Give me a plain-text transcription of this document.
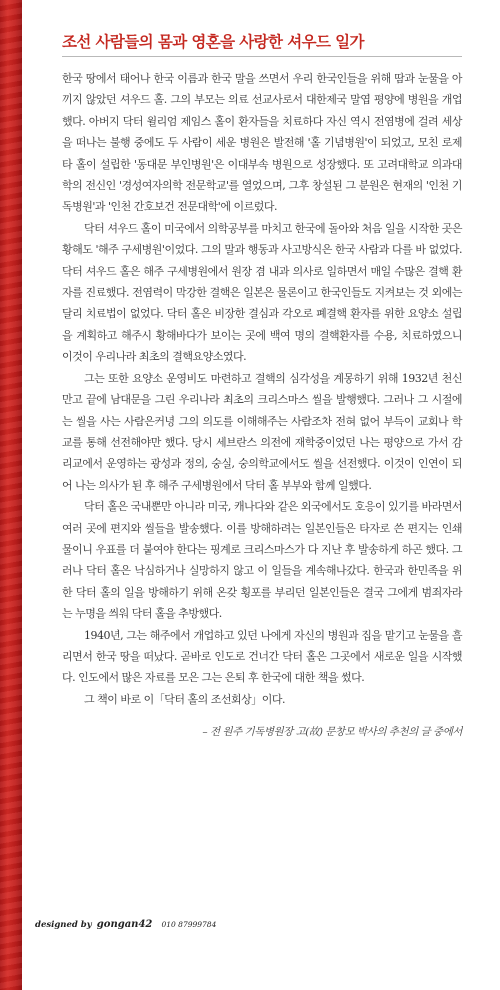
조선 사람들의 몸과 영혼을 사랑한 셔우드 일가

한국 땅에서 태어나 한국 이름과 한국 말을 쓰면서 우리 한국인들을 위해 땀과 눈물을 아끼지 않았던 셔우드 홀. 그의 부모는 의료 선교사로서 대한제국 말엽 평양에 병원을 개업했다. 아버지 닥터 윌리엄 제임스 홀이 환자들을 치료하다 자신 역시 전염병에 걸려 세상을 떠나는 불행 중에도 두 사람이 세운 병원은 발전해 '홀 기념병원'이 되었고, 모친 로제타 홀이 설립한 '동대문 부인병원'은 이대부속 병원으로 성장했다. 또 고려대학교 의과대학의 전신인 '경성여자의학 전문학교'를 열었으며, 그후 창설된 그 분원은 현재의 '인천 기독병원'과 '인천 간호보건 전문대학'에 이르렀다.

닥터 셔우드 홀이 미국에서 의학공부를 마치고 한국에 돌아와 처음 일을 시작한 곳은 황해도 '해주 구세병원'이었다. 그의 말과 행동과 사고방식은 한국 사람과 다를 바 없었다. 닥터 셔우드 홀은 해주 구세병원에서 원장 겸 내과 의사로 일하면서 매일 수많은 결핵 환자를 진료했다. 전염력이 막강한 결핵은 일본은 물론이고 한국인들도 지켜보는 것 외에는 달리 치료법이 없었다. 닥터 홀은 비장한 결심과 각오로 폐결핵 환자를 위한 요양소 설립을 계획하고 해주시 황해바다가 보이는 곳에 백여 명의 결핵환자를 수용, 치료하였으니 이것이 우리나라 최초의 결핵요양소였다.

그는 또한 요양소 운영비도 마련하고 결핵의 심각성을 계몽하기 위해 1932년 천신만고 끝에 남대문을 그린 우리나라 최초의 크리스마스 씰을 발행했다. 그러나 그 시절에는 씰을 사는 사람은커녕 그의 의도를 이해해주는 사람조차 전혀 없어 부득이 교회나 학교를 통해 선전해야만 했다. 당시 세브란스 의전에 재학중이었던 나는 평양으로 가서 감리교에서 운영하는 광성과 정의, 숭실, 숭의학교에서도 씰을 선전했다. 이것이 인연이 되어 나는 의사가 된 후 해주 구세병원에서 닥터 홀 부부와 함께 일했다.

닥터 홀은 국내뿐만 아니라 미국, 캐나다와 같은 외국에서도 호응이 있기를 바라면서 여러 곳에 편지와 씰들을 발송했다. 이를 방해하려는 일본인들은 타자로 쓴 편지는 인쇄물이니 우표를 더 붙여야 한다는 핑계로 크리스마스가 다 지난 후 발송하게 하곤 했다. 그러나 닥터 홀은 낙심하거나 실망하지 않고 이 일들을 계속해나갔다. 한국과 한민족을 위한 닥터 홀의 일을 방해하기 위해 온갖 횡포를 부리던 일본인들은 결국 그에게 범죄자라는 누명을 씌워 닥터 홀을 추방했다.

1940년, 그는 해주에서 개업하고 있던 나에게 자신의 병원과 집을 맡기고 눈물을 흘리면서 한국 땅을 떠났다. 곧바로 인도로 건너간 닥터 홀은 그곳에서 새로운 일을 시작했다. 인도에서 많은 자료를 모은 그는 은퇴 후 한국에 대한 책을 썼다.

그 책이 바로 이「닥터 홀의 조선회상」이다.

– 전 원주 기독병원장 고(故) 문창모 박사의 추천의 글 중에서
designed by gongan42 010 87999784
